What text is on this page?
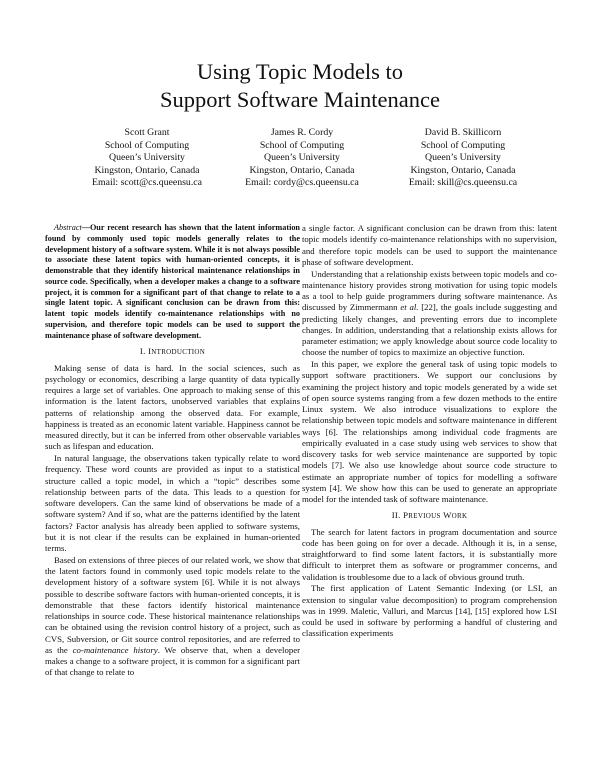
Using Topic Models to
Support Software Maintenance
Scott Grant
School of Computing
Queen’s University
Kingston, Ontario, Canada
Email: scott@cs.queensu.ca
James R. Cordy
School of Computing
Queen’s University
Kingston, Ontario, Canada
Email: cordy@cs.queensu.ca
David B. Skillicorn
School of Computing
Queen’s University
Kingston, Ontario, Canada
Email: skill@cs.queensu.ca

Abstract—Our recent research has shown that the latent information found by commonly used topic models generally relates to the development history of a software system. While it is not always possible to associate these latent topics with human-oriented concepts, it is demonstrable that they identify historical maintenance relationships in source code. Specifically, when a developer makes a change to a software project, it is common for a significant part of that change to relate to a single latent topic. A significant conclusion can be drawn from this: latent topic models identify co-maintenance relationships with no supervision, and therefore topic models can be used to support the maintenance phase of software development.

I. INTRODUCTION

Making sense of data is hard. In the social sciences, such as psychology or economics, describing a large quantity of data typically requires a large set of variables. One approach to making sense of this information is the latent factors, unobserved variables that explains patterns of relationship among the observed data. For example, happiness is treated as an economic latent variable. Happiness cannot be measured directly, but it can be inferred from other observable variables such as lifespan and education.

In natural language, the observations taken typically relate to word frequency. These word counts are provided as input to a statistical structure called a topic model, in which a “topic” describes some relationship between parts of the data. This leads to a question for software developers. Can the same kind of observations be made of a software system? And if so, what are the patterns identified by the latent factors? Factor analysis has already been applied to software systems, but it is not clear if the results can be explained in human-oriented terms.

Based on extensions of three pieces of our related work, we show that the latent factors found in commonly used topic models relate to the development history of a software system [6]. While it is not always possible to describe software factors with human-oriented concepts, it is demonstrable that these factors identify historical maintenance relationships in source code. These historical maintenance relationships can be obtained using the revision control history of a project, such as CVS, Subversion, or Git source control repositories, and are referred to as the co-maintenance history. We observe that, when a developer makes a change to a software project, it is common for a significant part of that change to relate to

a single factor. A significant conclusion can be drawn from this: latent topic models identify co-maintenance relationships with no supervision, and therefore topic models can be used to support the maintenance phase of software development.

Understanding that a relationship exists between topic models and co-maintenance history provides strong motivation for using topic models as a tool to help guide programmers during software maintenance. As discussed by Zimmermann et al. [22], the goals include suggesting and predicting likely changes, and preventing errors due to incomplete changes. In addition, understanding that a relationship exists allows for parameter estimation; we apply knowledge about source code locality to choose the number of topics to maximize an objective function.

In this paper, we explore the general task of using topic models to support software practitioners. We support our conclusions by examining the project history and topic models generated by a wide set of open source systems ranging from a few dozen methods to the entire Linux system. We also introduce visualizations to explore the relationship between topic models and software maintenance in different ways [6]. The relationships among individual code fragments are empirically evaluated in a case study using web services to show that discovery tasks for web service maintenance are supported by topic models [7]. We also use knowledge about source code structure to estimate an appropriate number of topics for modelling a software system [4]. We show how this can be used to generate an appropriate model for the intended task of software maintenance.

II. PREVIOUS WORK

The search for latent factors in program documentation and source code has been going on for over a decade. Although it is, in a sense, straightforward to find some latent factors, it is substantially more difficult to interpret them as software or programmer concerns, and validation is troublesome due to a lack of obvious ground truth.

The first application of Latent Semantic Indexing (or LSI, an extension to singular value decomposition) to program comprehension was in 1999. Maletic, Valluri, and Marcus [14], [15] explored how LSI could be used in software by performing a handful of clustering and classification experiments
